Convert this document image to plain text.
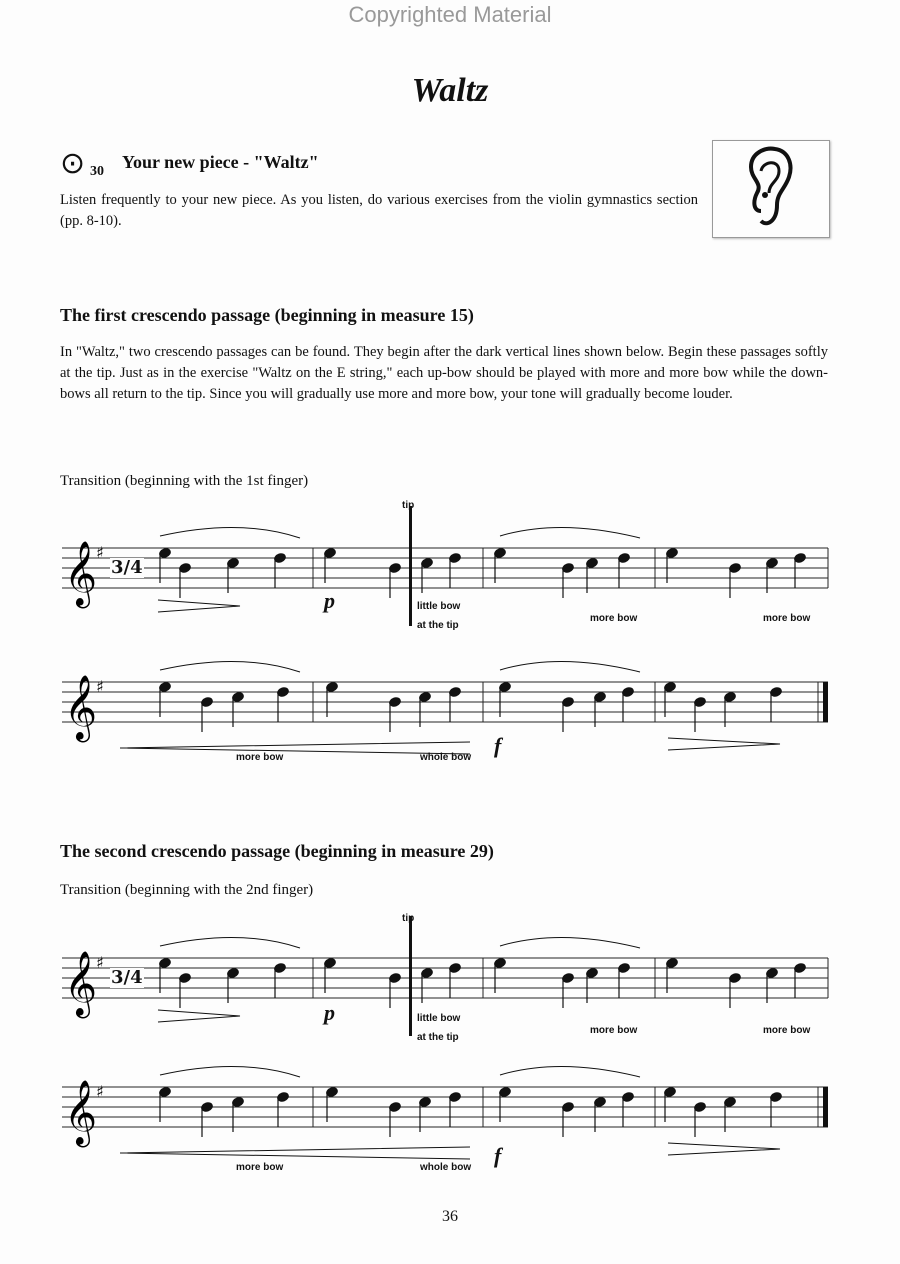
Copyrighted Material
Waltz
⊙ 30 Your new piece - "Waltz"
Listen frequently to your new piece. As you listen, do various exercises from the violin gymnastics section (pp. 8-10).
The first crescendo passage (beginning in measure 15)
In "Waltz," two crescendo passages can be found. They begin after the dark vertical lines shown below. Begin these passages softly at the tip. Just as in the exercise "Waltz on the E string," each up-bow should be played with more and more bow while the down-bows all return to the tip. Since you will gradually use more and more bow, your tone will gradually become louder.
Transition (beginning with the 1st finger)
The second crescendo passage (beginning in measure 29)
Transition (beginning with the 2nd finger)
𝄞
♯
𝄞
♯
𝄞
♯
𝄞
♯
3/4
3/4
tip
p	little bow
at the tip
more bow	more bow
more bow	whole bow f
tip
p	little bow
at the tip
more bow	more bow
more bow	whole bow f
36
